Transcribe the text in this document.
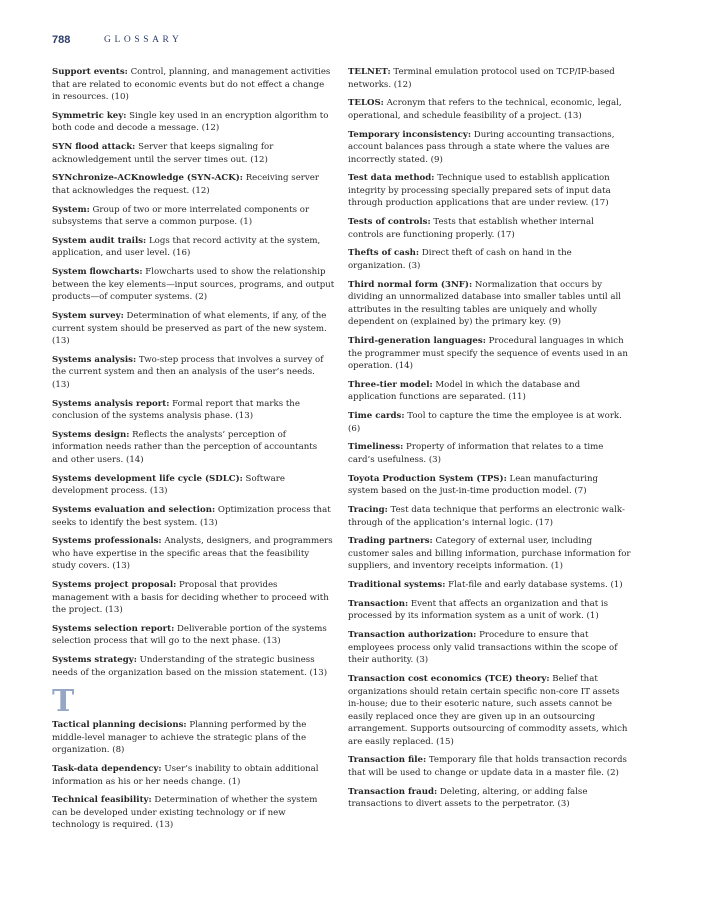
788	GLOSSARY

Support events: Control, planning, and management activities that are related to economic events but do not effect a change in resources. (10)

Symmetric key: Single key used in an encryption algorithm to both code and decode a message. (12)

SYN flood attack: Server that keeps signaling for acknowledgement until the server times out. (12)

SYNchronize-ACKnowledge (SYN-ACK): Receiving server that acknowledges the request. (12)

System: Group of two or more interrelated components or subsystems that serve a common purpose. (1)

System audit trails: Logs that record activity at the system, application, and user level. (16)

System flowcharts: Flowcharts used to show the relationship between the key elements—input sources, programs, and output products—of computer systems. (2)

System survey: Determination of what elements, if any, of the current system should be preserved as part of the new system. (13)

Systems analysis: Two-step process that involves a survey of the current system and then an analysis of the user’s needs. (13)

Systems analysis report: Formal report that marks the conclusion of the systems analysis phase. (13)

Systems design: Reflects the analysts’ perception of information needs rather than the perception of accountants and other users. (14)

Systems development life cycle (SDLC): Software development process. (13)

Systems evaluation and selection: Optimization process that seeks to identify the best system. (13)

Systems professionals: Analysts, designers, and programmers who have expertise in the specific areas that the feasibility study covers. (13)

Systems project proposal: Proposal that provides management with a basis for deciding whether to proceed with the project. (13)

Systems selection report: Deliverable portion of the systems selection process that will go to the next phase. (13)

Systems strategy: Understanding of the strategic business needs of the organization based on the mission statement. (13)

T

Tactical planning decisions: Planning performed by the middle-level manager to achieve the strategic plans of the organization. (8)

Task-data dependency: User’s inability to obtain additional information as his or her needs change. (1)

Technical feasibility: Determination of whether the system can be developed under existing technology or if new technology is required. (13)

TELNET: Terminal emulation protocol used on TCP/IP-based networks. (12)

TELOS: Acronym that refers to the technical, economic, legal, operational, and schedule feasibility of a project. (13)

Temporary inconsistency: During accounting transactions, account balances pass through a state where the values are incorrectly stated. (9)

Test data method: Technique used to establish application integrity by processing specially prepared sets of input data through production applications that are under review. (17)

Tests of controls: Tests that establish whether internal controls are functioning properly. (17)

Thefts of cash: Direct theft of cash on hand in the organization. (3)

Third normal form (3NF): Normalization that occurs by dividing an unnormalized database into smaller tables until all attributes in the resulting tables are uniquely and wholly dependent on (explained by) the primary key. (9)

Third-generation languages: Procedural languages in which the programmer must specify the sequence of events used in an operation. (14)

Three-tier model: Model in which the database and application functions are separated. (11)

Time cards: Tool to capture the time the employee is at work. (6)

Timeliness: Property of information that relates to a time card’s usefulness. (3)

Toyota Production System (TPS): Lean manufacturing system based on the just-in-time production model. (7)

Tracing: Test data technique that performs an electronic walk-through of the application’s internal logic. (17)

Trading partners: Category of external user, including customer sales and billing information, purchase information for suppliers, and inventory receipts information. (1)

Traditional systems: Flat-file and early database systems. (1)

Transaction: Event that affects an organization and that is processed by its information system as a unit of work. (1)

Transaction authorization: Procedure to ensure that employees process only valid transactions within the scope of their authority. (3)

Transaction cost economics (TCE) theory: Belief that organizations should retain certain specific non-core IT assets in-house; due to their esoteric nature, such assets cannot be easily replaced once they are given up in an outsourcing arrangement. Supports outsourcing of commodity assets, which are easily replaced. (15)

Transaction file: Temporary file that holds transaction records that will be used to change or update data in a master file. (2)

Transaction fraud: Deleting, altering, or adding false transactions to divert assets to the perpetrator. (3)
